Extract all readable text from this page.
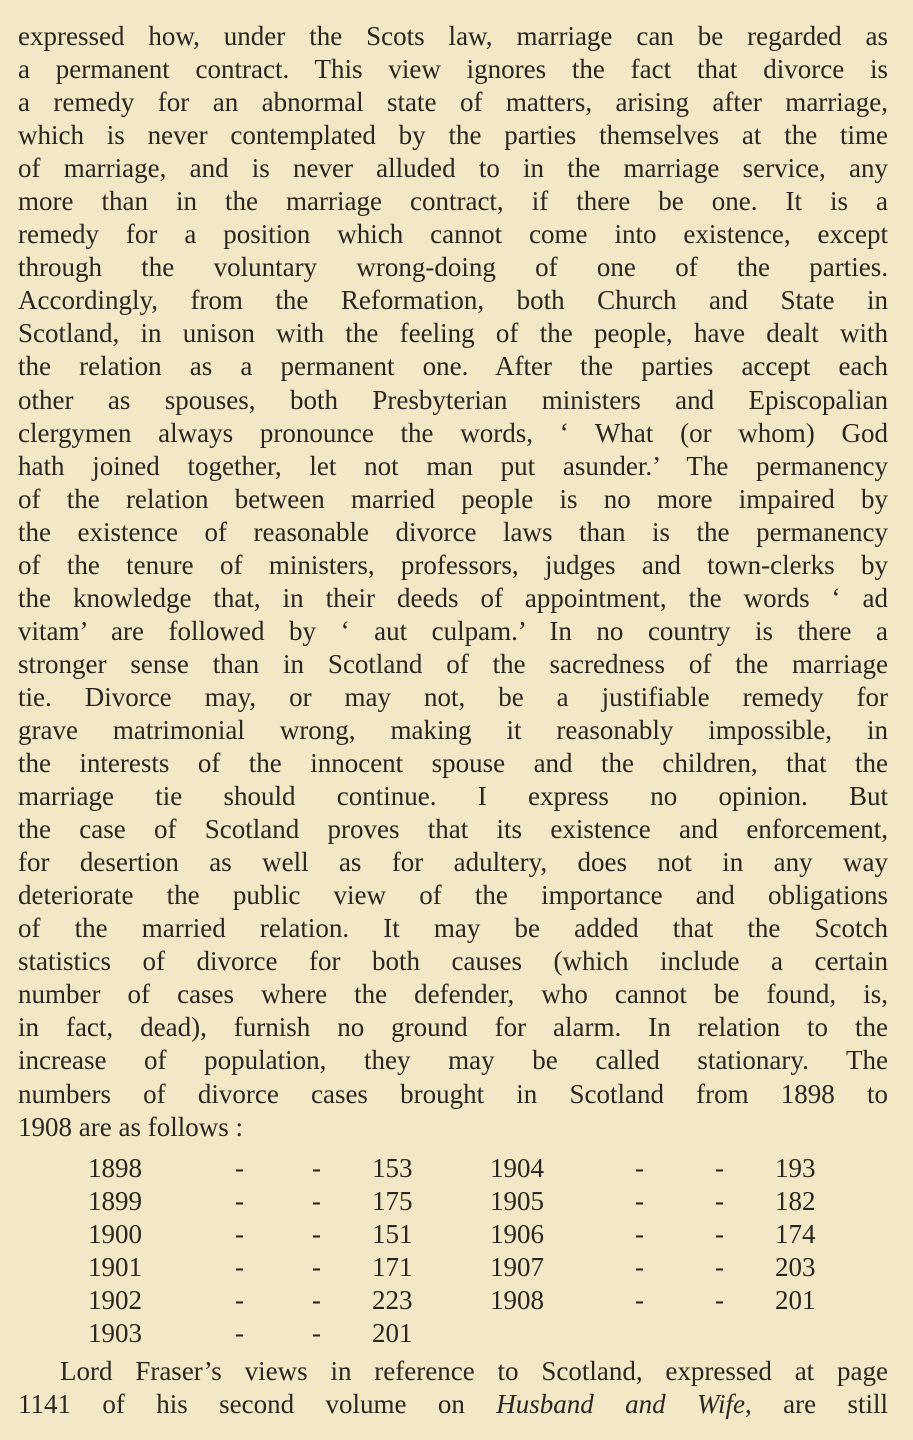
expressed how, under the Scots law, marriage can be regarded as
a permanent contract. This view ignores the fact that divorce is
a remedy for an abnormal state of matters, arising after marriage,
which is never contemplated by the parties themselves at the time
of marriage, and is never alluded to in the marriage service, any
more than in the marriage contract, if there be one. It is a
remedy for a position which cannot come into existence, except
through the voluntary wrong-doing of one of the parties.
Accordingly, from the Reformation, both Church and State in
Scotland, in unison with the feeling of the people, have dealt with
the relation as a permanent one. After the parties accept each
other as spouses, both Presbyterian ministers and Episcopalian
clergymen always pronounce the words, ‘ What (or whom) God
hath joined together, let not man put asunder.’ The permanency
of the relation between married people is no more impaired by
the existence of reasonable divorce laws than is the permanency
of the tenure of ministers, professors, judges and town-clerks by
the knowledge that, in their deeds of appointment, the words ‘ ad
vitam’ are followed by ‘ aut culpam.’ In no country is there a
stronger sense than in Scotland of the sacredness of the marriage
tie. Divorce may, or may not, be a justifiable remedy for
grave matrimonial wrong, making it reasonably impossible, in
the interests of the innocent spouse and the children, that the
marriage tie should continue. I express no opinion. But
the case of Scotland proves that its existence and enforcement,
for desertion as well as for adultery, does not in any way
deteriorate the public view of the importance and obligations
of the married relation. It may be added that the Scotch
statistics of divorce for both causes (which include a certain
number of cases where the defender, who cannot be found, is,
in fact, dead), furnish no ground for alarm. In relation to the
increase of population, they may be called stationary. The
numbers of divorce cases brought in Scotland from 1898 to
1908 are as follows :
1898	-	- 153	1904	-	- 193
1899	-	- 175	1905	-	- 182
1900	-	- 151	1906	-	- 174
1901	-	- 171	1907	-	- 203
1902	-	- 223	1908	-	- 201
1903	-	- 201
Lord Fraser’s views in reference to Scotland, expressed at page
1141 of his second volume on Husband and Wife, are still
